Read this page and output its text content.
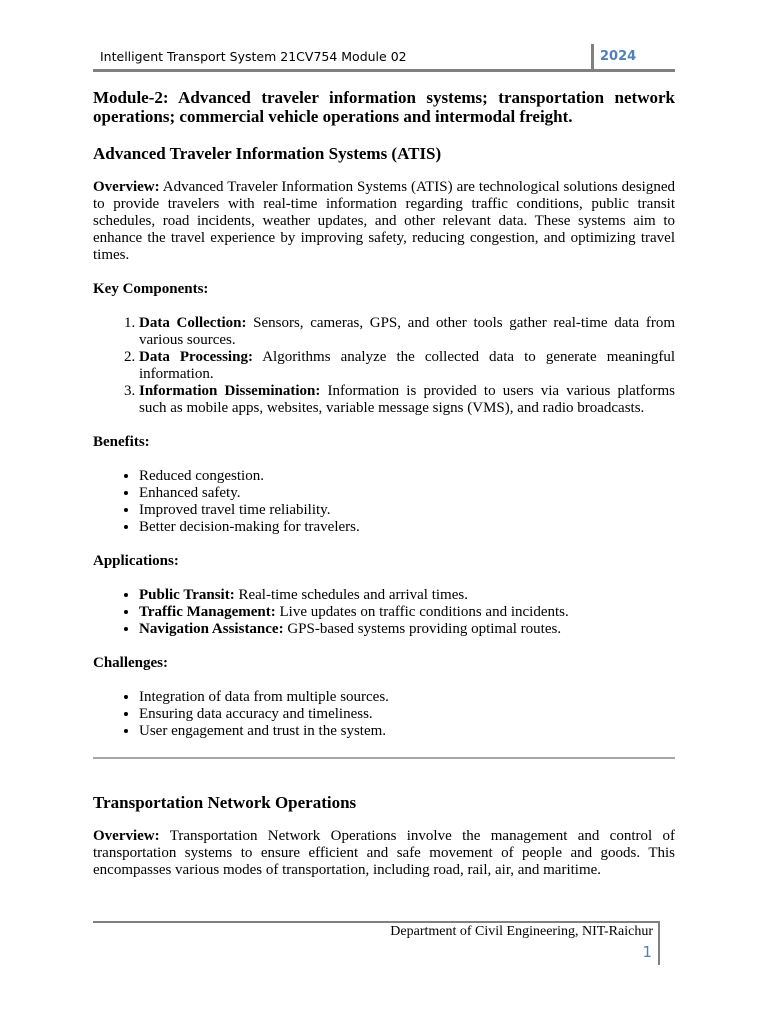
Intelligent Transport System 21CV754 Module 02	2024
Module-2: Advanced traveler information systems; transportation network operations; commercial vehicle operations and intermodal freight.
Advanced Traveler Information Systems (ATIS)

Overview: Advanced Traveler Information Systems (ATIS) are technological solutions designed to provide travelers with real-time information regarding traffic conditions, public transit schedules, road incidents, weather updates, and other relevant data. These systems aim to enhance the travel experience by improving safety, reducing congestion, and optimizing travel times.

Key Components:
1. Data Collection: Sensors, cameras, GPS, and other tools gather real-time data from various sources.
2. Data Processing: Algorithms analyze the collected data to generate meaningful information.
3. Information Dissemination: Information is provided to users via various platforms such as mobile apps, websites, variable message signs (VMS), and radio broadcasts.
Benefits:
• Reduced congestion.
• Enhanced safety.
• Improved travel time reliability.
• Better decision-making for travelers.
Applications:
• Public Transit: Real-time schedules and arrival times.
• Traffic Management: Live updates on traffic conditions and incidents.
• Navigation Assistance: GPS-based systems providing optimal routes.
Challenges:
• Integration of data from multiple sources.
• Ensuring data accuracy and timeliness.
• User engagement and trust in the system.
Transportation Network Operations

Overview: Transportation Network Operations involve the management and control of transportation systems to ensure efficient and safe movement of people and goods. This encompasses various modes of transportation, including road, rail, air, and maritime.

Department of Civil Engineering, NIT-Raichur
1
